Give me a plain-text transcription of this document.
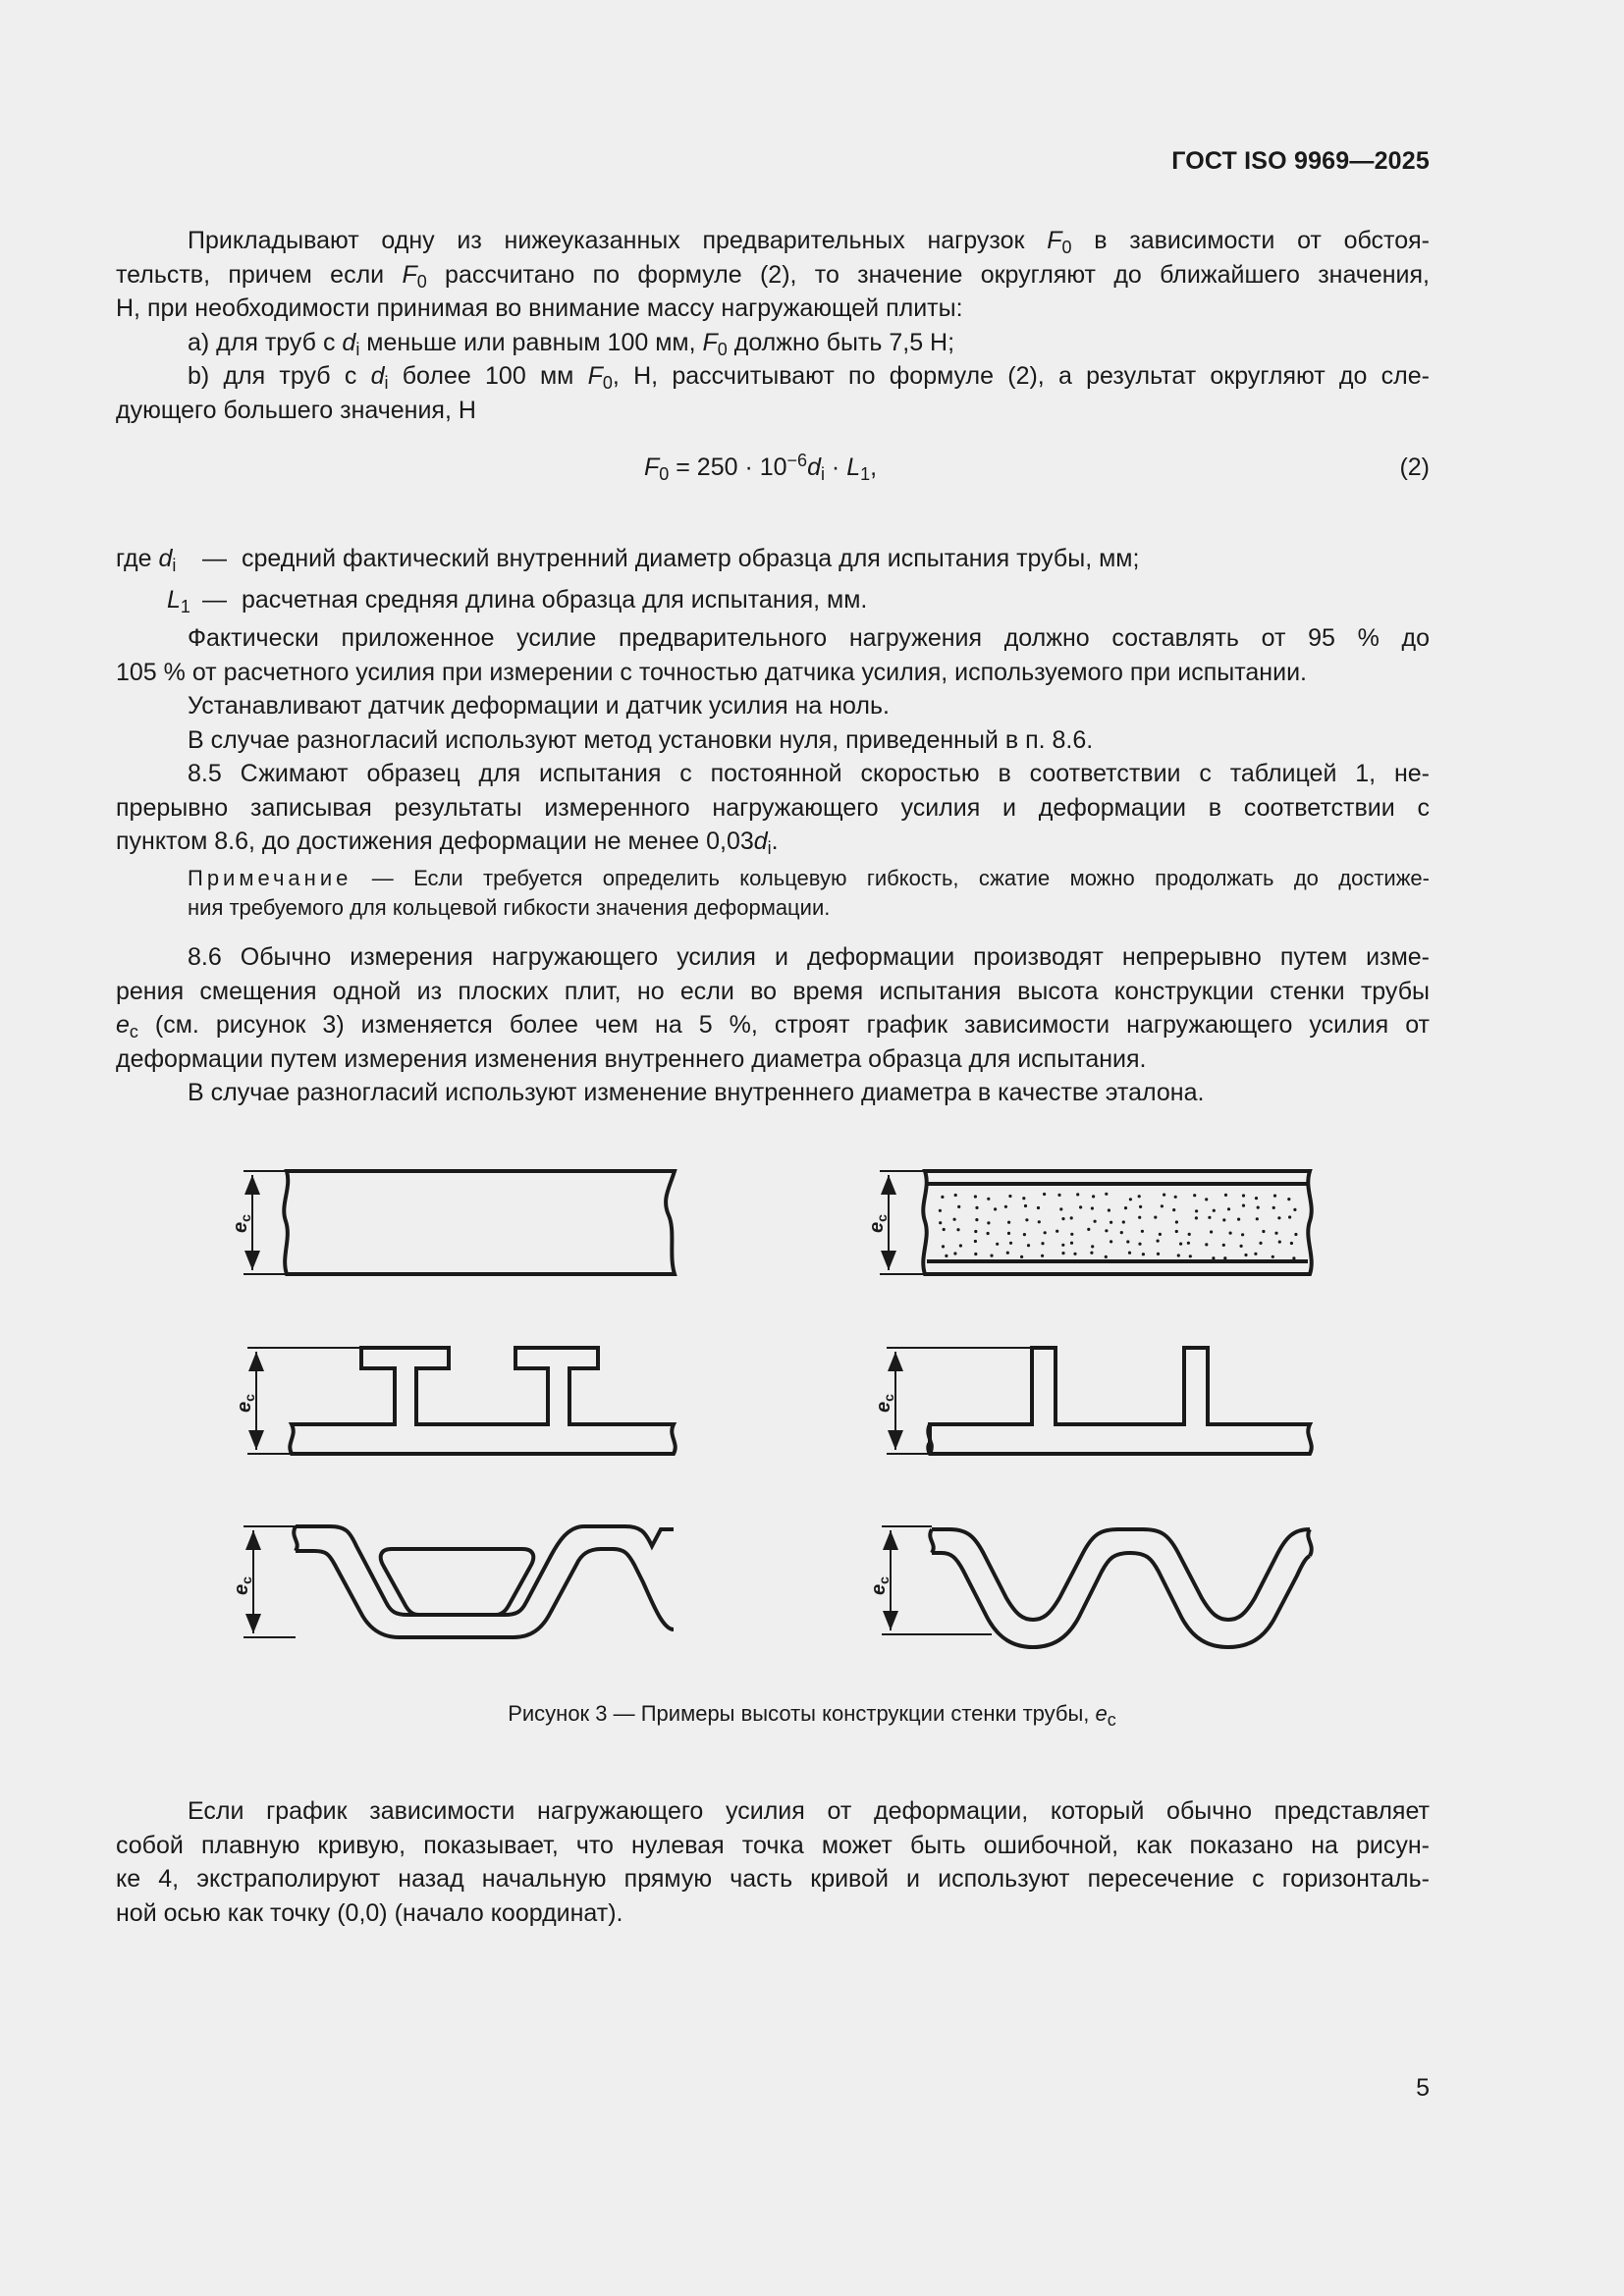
ГОСТ ISO 9969—2025
Прикладывают одну из нижеуказанных предварительных нагрузок $F_0$ в зависимости от обстоя-
тельств, причем если $F_0$ рассчитано по формуле (2), то значение округляют до ближайшего значения,
Н, при необходимости принимая во внимание массу нагружающей плиты:
a) для труб с $d_i$ меньше или равным 100 мм, $F_0$ должно быть 7,5 Н;
b) для труб с $d_i$ более 100 мм $F_0$, Н, рассчитывают по формуле (2), а результат округляют до сле-
дующего большего значения, Н
$F_0 = 250 \cdot 10^{-6}d_i \cdot L_1$,	(2)
где $d_i$ — средний фактический внутренний диаметр образца для испытания трубы, мм;
$L_1$ — расчетная средняя длина образца для испытания, мм.
Фактически приложенное усилие предварительного нагружения должно составлять от 95 % до
105 % от расчетного усилия при измерении с точностью датчика усилия, используемого при испытании.
Устанавливают датчик деформации и датчик усилия на ноль.
В случае разногласий используют метод установки нуля, приведенный в п. 8.6.
8.5 Сжимают образец для испытания с постоянной скоростью в соответствии с таблицей 1, не-
прерывно записывая результаты измеренного нагружающего усилия и деформации в соответствии с
пунктом 8.6, до достижения деформации не менее $0,03d_i$.
Примечание — Если требуется определить кольцевую гибкость, сжатие можно продолжать до достиже-
ния требуемого для кольцевой гибкости значения деформации.
8.6 Обычно измерения нагружающего усилия и деформации производят непрерывно путем изме-
рения смещения одной из плоских плит, но если во время испытания высота конструкции стенки трубы
$e_c$ (см. рисунок 3) изменяется более чем на 5 %, строят график зависимости нагружающего усилия от
деформации путем измерения изменения внутреннего диаметра образца для испытания.
В случае разногласий используют изменение внутреннего диаметра в качестве эталона.
$e_c$
$e_c$
$e_c$
$e_c$
$e_c$
$e_c$
Рисунок 3 — Примеры высоты конструкции стенки трубы, $e_c$
Если график зависимости нагружающего усилия от деформации, который обычно представляет
собой плавную кривую, показывает, что нулевая точка может быть ошибочной, как показано на рисун-
ке 4, экстраполируют назад начальную прямую часть кривой и используют пересечение с горизонталь-
ной осью как точку (0,0) (начало координат).
5
